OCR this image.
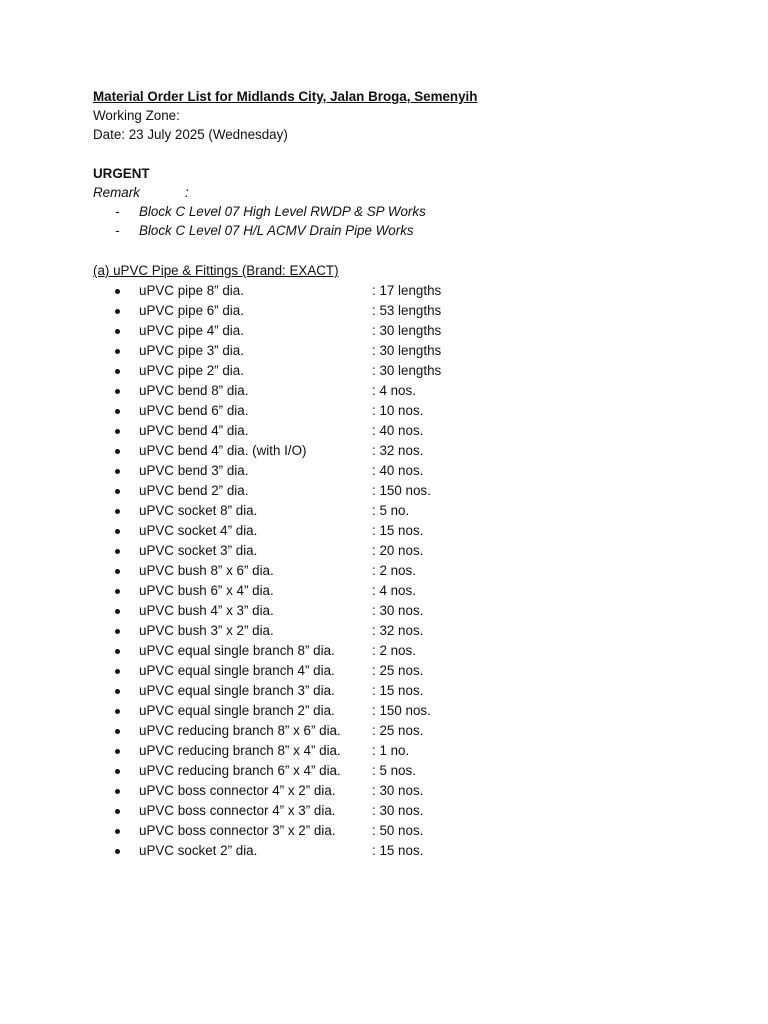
Material Order List for Midlands City, Jalan Broga, Semenyih
Working Zone:
Date: 23 July 2025 (Wednesday)
URGENT
Remark	:
- Block C Level 07 High Level RWDP & SP Works
- Block C Level 07 H/L ACMV Drain Pipe Works
(a) uPVC Pipe & Fittings (Brand: EXACT)
uPVC pipe 8” dia.	: 17 lengths
uPVC pipe 6” dia.	: 53 lengths
uPVC pipe 4” dia.	: 30 lengths
uPVC pipe 3” dia.	: 30 lengths
uPVC pipe 2” dia.	: 30 lengths
uPVC bend 8” dia.	: 4 nos.
uPVC bend 6” dia.	: 10 nos.
uPVC bend 4” dia.	: 40 nos.
uPVC bend 4” dia. (with I/O)	: 32 nos.
uPVC bend 3” dia.	: 40 nos.
uPVC bend 2” dia.	: 150 nos.
uPVC socket 8” dia.	: 5 no.
uPVC socket 4” dia.	: 15 nos.
uPVC socket 3” dia.	: 20 nos.
uPVC bush 8” x 6” dia.	: 2 nos.
uPVC bush 6” x 4” dia.	: 4 nos.
uPVC bush 4” x 3” dia.	: 30 nos.
uPVC bush 3” x 2” dia.	: 32 nos.
uPVC equal single branch 8” dia.	: 2 nos.
uPVC equal single branch 4” dia.	: 25 nos.
uPVC equal single branch 3” dia.	: 15 nos.
uPVC equal single branch 2” dia.	: 150 nos.
uPVC reducing branch 8” x 6” dia. : 25 nos.
uPVC reducing branch 8” x 4” dia. : 1 no.
uPVC reducing branch 6” x 4” dia. : 5 nos.
uPVC boss connector 4” x 2” dia.	: 30 nos.
uPVC boss connector 4” x 3” dia.	: 30 nos.
uPVC boss connector 3” x 2” dia.	: 50 nos.
uPVC socket 2” dia.	: 15 nos.
